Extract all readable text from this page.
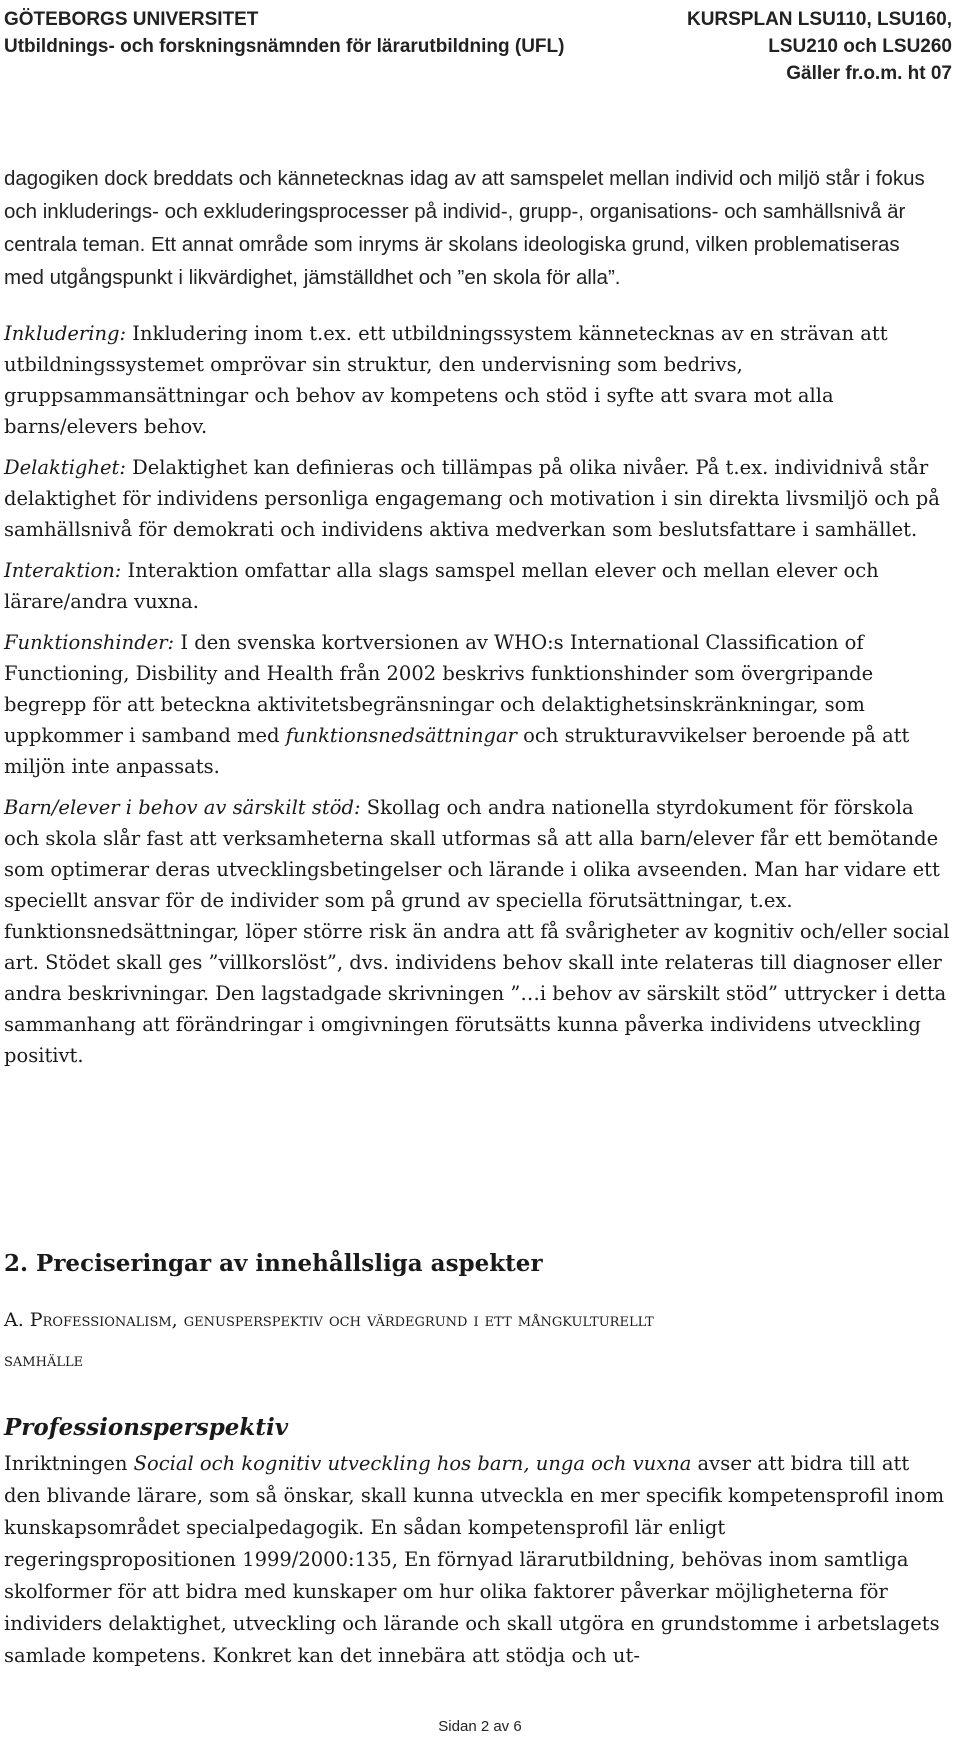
GÖTEBORGS UNIVERSITET
Utbildnings- och forskningsnämnden för lärarutbildning (UFL)
KURSPLAN LSU110, LSU160,
LSU210 och LSU260
Gäller fr.o.m. ht 07
dagogiken dock breddats och kännetecknas idag av att samspelet mellan individ och miljö står i fokus och inkluderings- och exkluderingsprocesser på individ-, grupp-, organisations- och samhällsnivå är centrala teman. Ett annat område som inryms är skolans ideologiska grund, vilken problematiseras med utgångspunkt i likvärdighet, jämställdhet och ”en skola för alla”.

Inkludering: Inkludering inom t.ex. ett utbildningssystem kännetecknas av en strävan att utbildningssystemet omprövar sin struktur, den undervisning som bedrivs, gruppsammansättningar och behov av kompetens och stöd i syfte att svara mot alla barns/elevers behov.

Delaktighet: Delaktighet kan definieras och tillämpas på olika nivåer. På t.ex. individnivå står delaktighet för individens personliga engagemang och motivation i sin direkta livsmiljö och på samhällsnivå för demokrati och individens aktiva medverkan som beslutsfattare i samhället.

Interaktion: Interaktion omfattar alla slags samspel mellan elever och mellan elever och lärare/andra vuxna.

Funktionshinder: I den svenska kortversionen av WHO:s International Classification of Functioning, Disbility and Health från 2002 beskrivs funktionshinder som övergripande begrepp för att beteckna aktivitetsbegränsningar och delaktighetsinskränkningar, som uppkommer i samband med funktionsnedsättningar och strukturavvikelser beroende på att miljön inte anpassats.

Barn/elever i behov av särskilt stöd: Skollag och andra nationella styrdokument för förskola och skola slår fast att verksamheterna skall utformas så att alla barn/elever får ett bemötande som optimerar deras utvecklingsbetingelser och lärande i olika avseenden. Man har vidare ett speciellt ansvar för de individer som på grund av speciella förutsättningar, t.ex. funktionsnedsättningar, löper större risk än andra att få svårigheter av kognitiv och/eller social art. Stödet skall ges ”villkorslöst”, dvs. individens behov skall inte relateras till diagnoser eller andra beskrivningar. Den lagstadgade skrivningen ”…i behov av särskilt stöd” uttrycker i detta sammanhang att förändringar i omgivningen förutsätts kunna påverka individens utveckling positivt.

2. Preciseringar av innehållsliga aspekter
A. Professionalism, genusperspektiv och värdegrund i ett mångkulturellt
samhälle
Professionsperspektiv
Inriktningen Social och kognitiv utveckling hos barn, unga och vuxna avser att bidra till att den blivande lärare, som så önskar, skall kunna utveckla en mer specifik kompetensprofil inom kunskapsområdet specialpedagogik. En sådan kompetensprofil lär enligt regeringspropositionen 1999/2000:135, En förnyad lärarutbildning, behövas inom samtliga skolformer för att bidra med kunskaper om hur olika faktorer påverkar möjligheterna för individers delaktighet, utveckling och lärande och skall utgöra en grundstomme i arbetslagets samlade kompetens. Konkret kan det innebära att stödja och ut-
Sidan 2 av 6
